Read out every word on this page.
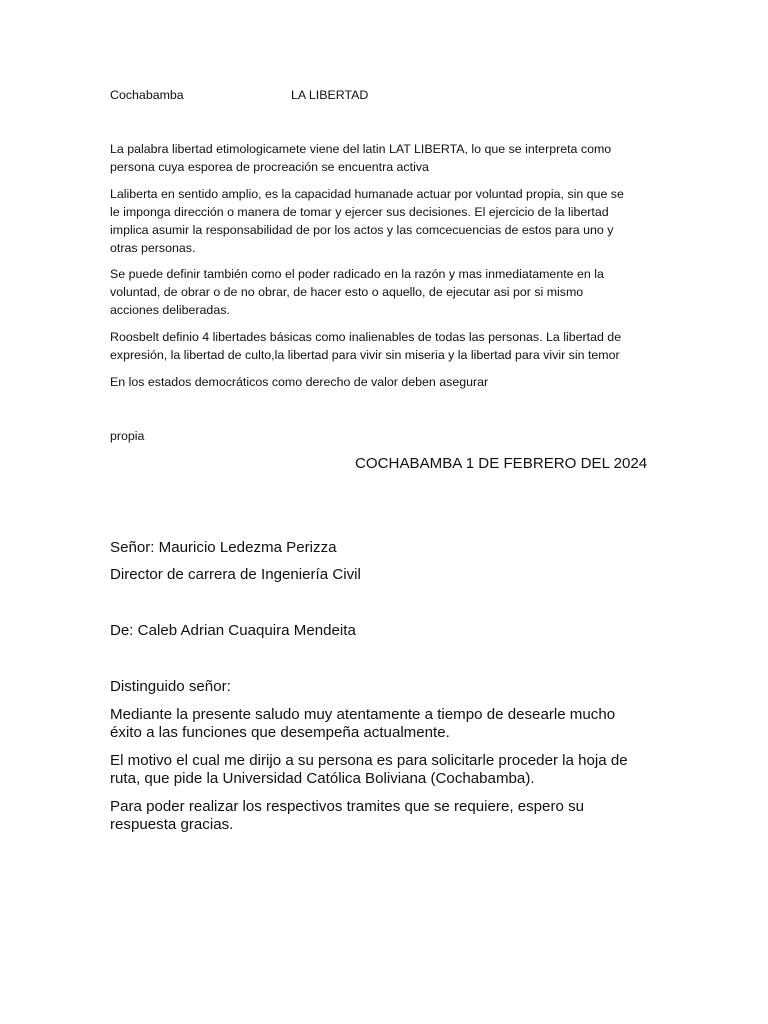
Cochabamba	LA LIBERTAD
La palabra libertad etimologicamete viene del latin LAT LIBERTA, lo que se interpreta como
persona cuya esporea de procreación se encuentra activa
Laliberta en sentido amplio, es la capacidad humanade actuar por voluntad propia, sin que se
le imponga dirección o manera de tomar y ejercer sus decisiones. El ejercicio de la libertad
implica asumir la responsabilidad de por los actos y las comcecuencias de estos para uno y
otras personas.
Se puede definir también como el poder radicado en la razón y mas inmediatamente en la
voluntad, de obrar o de no obrar, de hacer esto o aquello, de ejecutar asi por si mismo
acciones deliberadas.
Roosbelt definio 4 libertades básicas como inalienables de todas las personas. La libertad de
expresión, la libertad de culto,la libertad para vivir sin miseria y la libertad para vivir sin temor
En los estados democráticos como derecho de valor deben asegurar
propia
COCHABAMBA 1 DE FEBRERO DEL 2024
Señor: Mauricio Ledezma Perizza
Director de carrera de Ingeniería Civil
De: Caleb Adrian Cuaquira Mendeita
Distinguido señor:
Mediante la presente saludo muy atentamente a tiempo de desearle mucho
éxito a las funciones que desempeña actualmente.
El motivo el cual me dirijo a su persona es para solicitarle proceder la hoja de
ruta, que pide la Universidad Católica Boliviana (Cochabamba).
Para poder realizar los respectivos tramites que se requiere, espero su
respuesta gracias.
